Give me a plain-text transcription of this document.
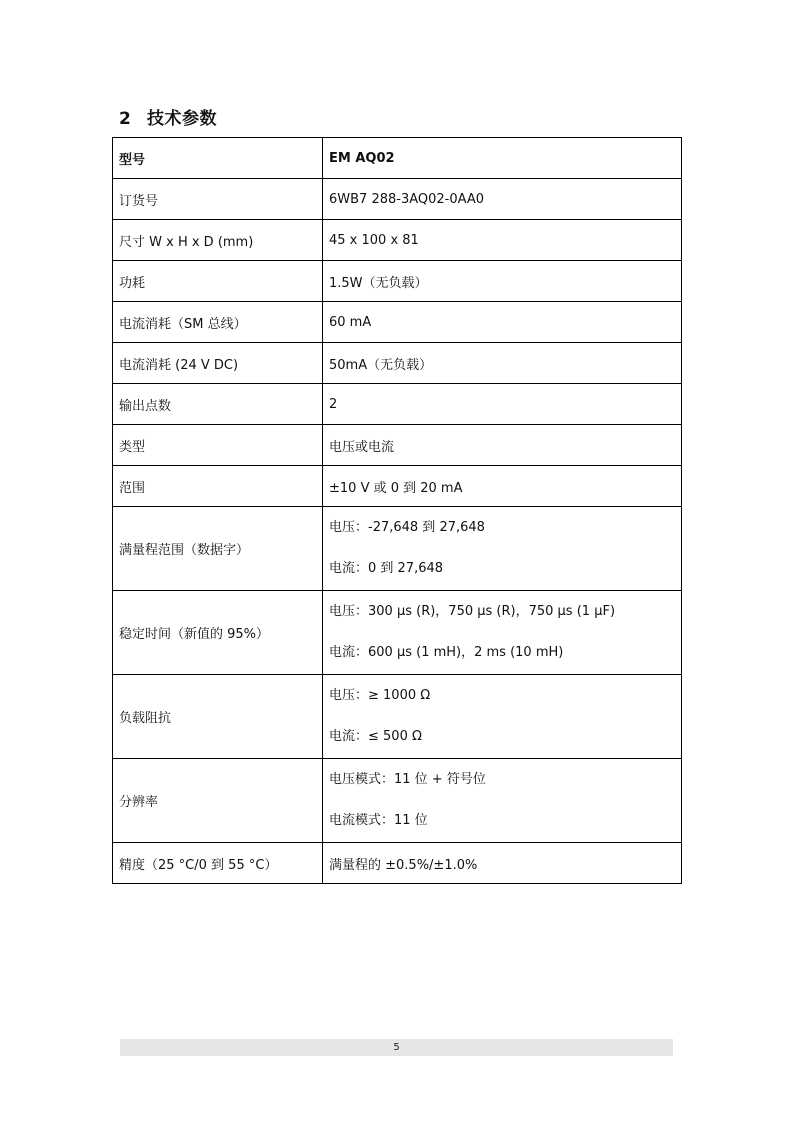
2 技术参数
型号	EM AQ02
订货号	6WB7 288-3AQ02-0AA0
尺寸 W x H x D (mm)	45 x 100 x 81
功耗	1.5W（无负载）
电流消耗（SM 总线）	60 mA
电流消耗 (24 V DC)	50mA（无负载）
输出点数	2
类型	电压或电流
范围	±10 V 或 0 到 20 mA
满量程范围（数据字）	电压：-27,648 到 27,648
电流：0 到 27,648

稳定时间（新值的 95%）	电压：300 μs (R)，750 μs (R)，750 μs (1 μF)
电流：600 μs (1 mH)，2 ms (10 mH)

负载阻抗	电压：≥ 1000 Ω
电流：≤ 500 Ω

分辨率	电压模式：11 位 + 符号位
电流模式：11 位

精度（25 °C/0 到 55 °C）	满量程的 ±0.5%/±1.0%
5
